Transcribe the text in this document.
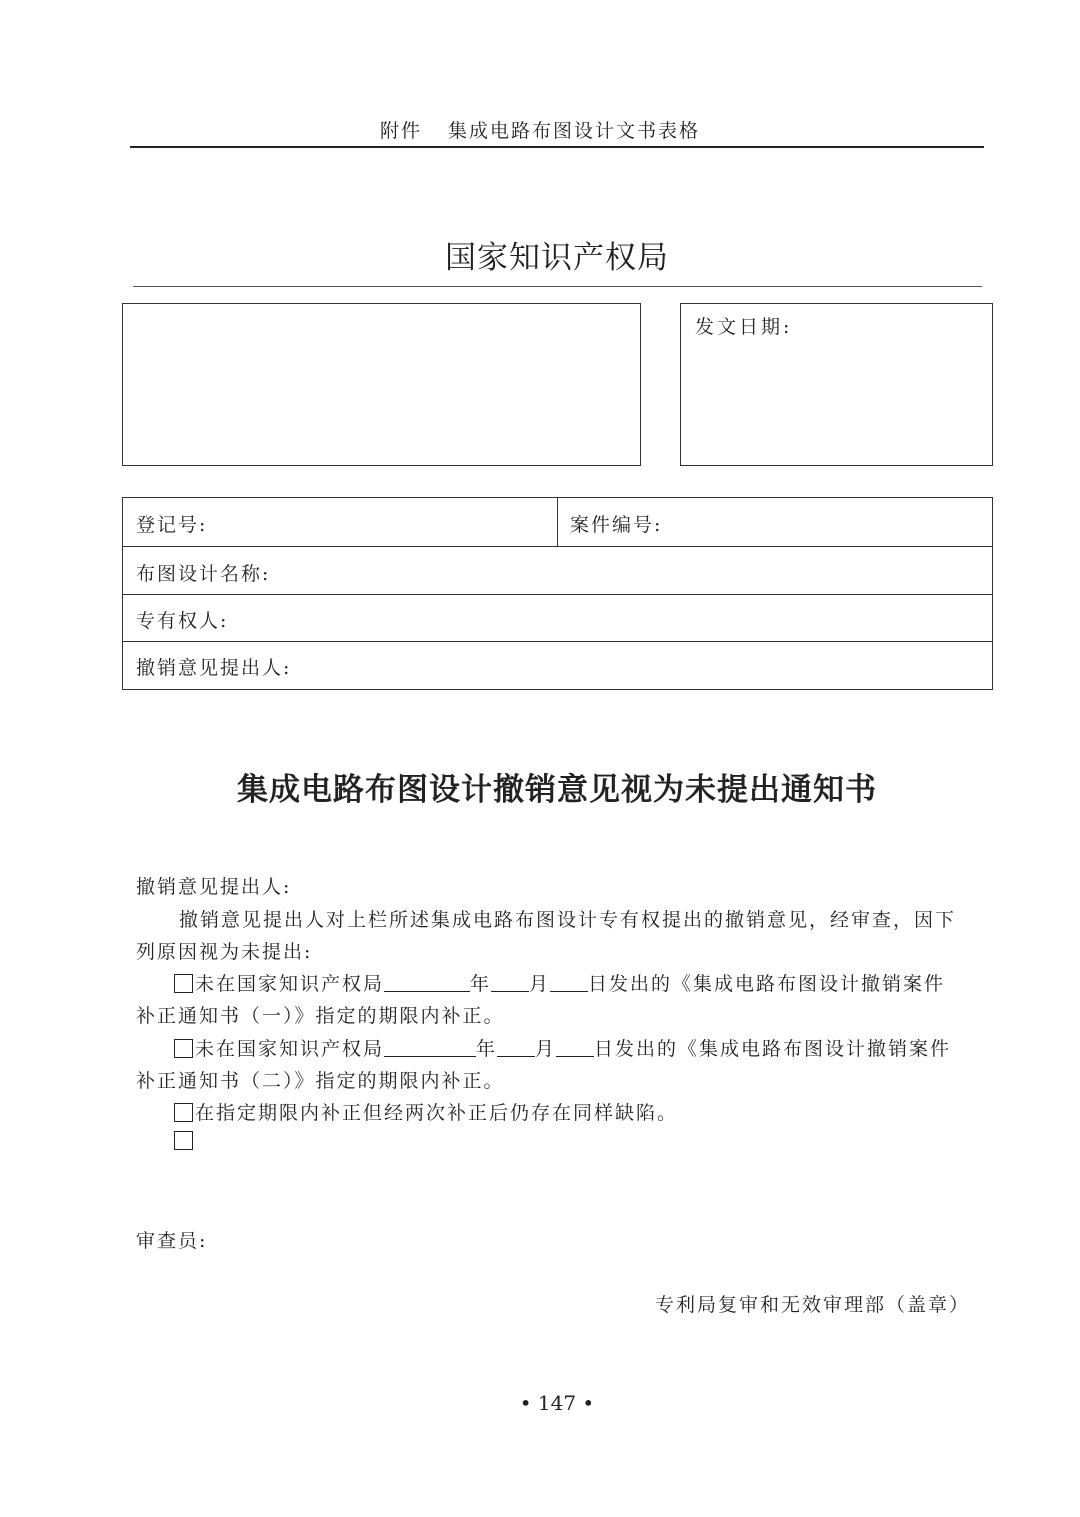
附件 集成电路布图设计文书表格
国家知识产权局
发文日期:
登记号:	案件编号:
布图设计名称:
专有权人:
撤销意见提出人:
集成电路布图设计撤销意见视为未提出通知书
撤销意见提出人:
撤销意见提出人对上栏所述集成电路布图设计专有权提出的撤销意见，经审查，因下
列原因视为未提出:
未在国家知识产权局	年 月 日发出的《集成电路布图设计撤销案件
补正通知书（一）》指定的期限内补正。
未在国家知识产权局	年 月 日发出的《集成电路布图设计撤销案件
补正通知书（二）》指定的期限内补正。
在指定期限内补正但经两次补正后仍存在同样缺陷。
审查员:
专利局复审和无效审理部（盖章）
• 147 •
